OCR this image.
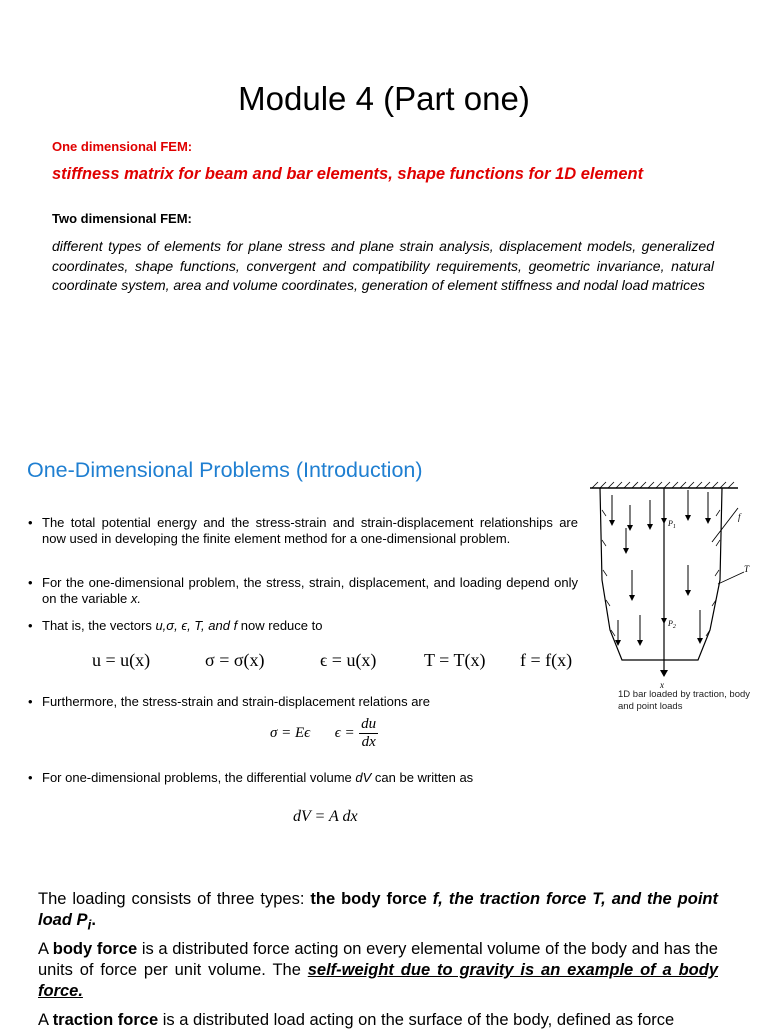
Module 4 (Part one)
One dimensional FEM:
stiffness matrix for beam and bar elements, shape functions for 1D element
Two dimensional FEM:
different types of elements for plane stress and plane strain analysis, displacement models, generalized coordinates, shape functions, convergent and compatibility requirements, geometric invariance, natural coordinate system, area and volume coordinates, generation of element stiffness and nodal load matrices
One-Dimensional Problems (Introduction)
• The total potential energy and the stress-strain and strain-displacement relationships are now used in developing the finite element method for a one-dimensional problem.
• For the one-dimensional problem, the stress, strain, displacement, and loading depend only on the variable x.
• That is, the vectors u,σ, ϵ, T, and f now reduce to
u = u(x)	σ = σ(x)	ϵ = u(x)	T = T(x) f = f(x)
• Furthermore, the stress-strain and strain-displacement relations are
σ = Eϵ $\epsilon = \frac{du}{dx}$
• For one-dimensional problems, the differential volume dV can be written as
dV = A dx
x
f
T
$P_1$
$P_2$
1D bar loaded by traction, body and point loads
The loading consists of three types: the body force f, the traction force T, and the point load $P_i$.
A body force is a distributed force acting on every elemental volume of the body and has the units of force per unit volume. The self-weight due to gravity is an example of a body force.
A traction force is a distributed load acting on the surface of the body, defined as force
